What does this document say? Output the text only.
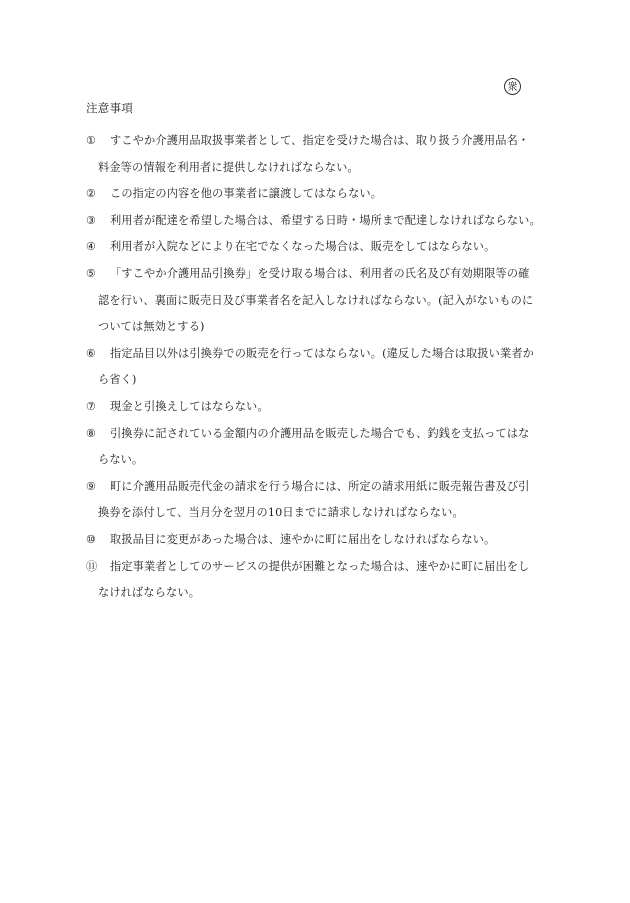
衆
注意事項
①	すこやか介護用品取扱事業者として、指定を受けた場合は、取り扱う介護用品名・
料金等の情報を利用者に提供しなければならない。
②	この指定の内容を他の事業者に譲渡してはならない。
③	利用者が配達を希望した場合は、希望する日時・場所まで配達しなければならない。
④	利用者が入院などにより在宅でなくなった場合は、販売をしてはならない。
⑤	「すこやか介護用品引換券」を受け取る場合は、利用者の氏名及び有効期限等の確
認を行い、裏面に販売日及び事業者名を記入しなければならない。(記入がないものに
ついては無効とする)
⑥	指定品目以外は引換券での販売を行ってはならない。(違反した場合は取扱い業者か
ら省く)
⑦	現金と引換えしてはならない。
⑧	引換券に記されている金額内の介護用品を販売した場合でも、釣銭を支払ってはな
らない。
⑨	町に介護用品販売代金の請求を行う場合には、所定の請求用紙に販売報告書及び引
換券を添付して、当月分を翌月の10日までに請求しなければならない。
⑩	取扱品目に変更があった場合は、速やかに町に届出をしなければならない。
⑪	指定事業者としてのサービスの提供が困難となった場合は、速やかに町に届出をし
なければならない。
